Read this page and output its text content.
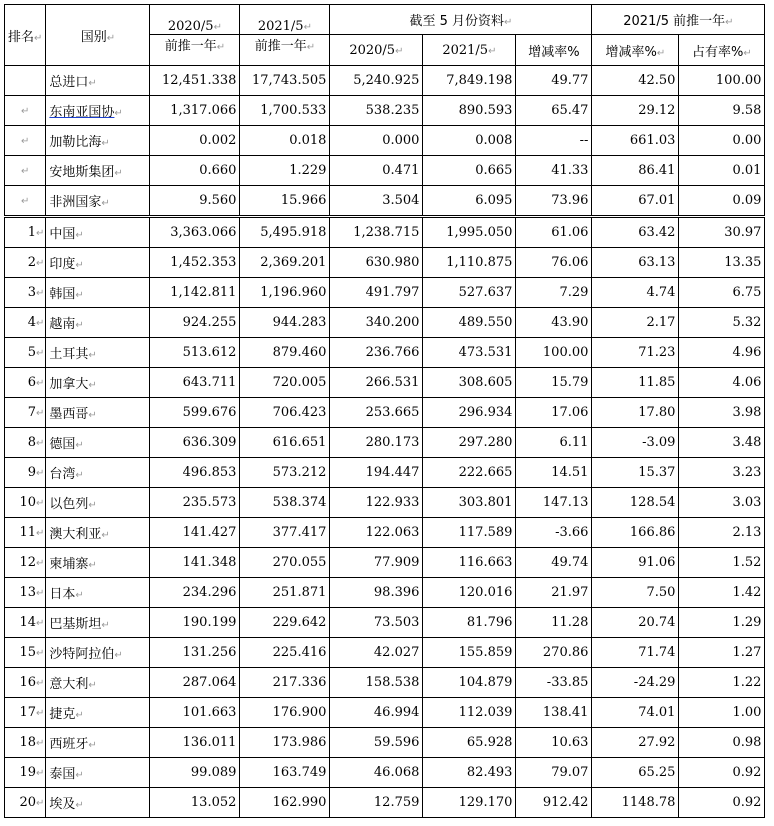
排名↵	国别↵	2020/5↵	2021/5↵	截至 5 月份资料↵			2021/5 前推一年↵	
		前推一年↵	前推一年↵	2020/5↵	2021/5↵	增减率%	增减率%↵	占有率%↵
	总进口↵	12,451.338	17,743.505	5,240.925	7,849.198	49.77	42.50	100.00
↵	东南亚国协↵	1,317.066	1,700.533	538.235	890.593	65.47	29.12	9.58
↵	加勒比海↵	0.002	0.018	0.000	0.008	--	661.03	0.00
↵	安地斯集团↵	0.660	1.229	0.471	0.665	41.33	86.41	0.01
↵	非洲国家↵	9.560	15.966	3.504	6.095	73.96	67.01	0.09
1↵	中国↵	3,363.066	5,495.918	1,238.715	1,995.050	61.06	63.42	30.97
2↵	印度↵	1,452.353	2,369.201	630.980	1,110.875	76.06	63.13	13.35
3↵	韩国↵	1,142.811	1,196.960	491.797	527.637	7.29	4.74	6.75
4↵	越南↵	924.255	944.283	340.200	489.550	43.90	2.17	5.32
5↵	土耳其↵	513.612	879.460	236.766	473.531	100.00	71.23	4.96
6↵	加拿大↵	643.711	720.005	266.531	308.605	15.79	11.85	4.06
7↵	墨西哥↵	599.676	706.423	253.665	296.934	17.06	17.80	3.98
8↵	德国↵	636.309	616.651	280.173	297.280	6.11	-3.09	3.48
9↵	台湾↵	496.853	573.212	194.447	222.665	14.51	15.37	3.23
10↵	以色列↵	235.573	538.374	122.933	303.801	147.13	128.54	3.03
11↵	澳大利亚↵	141.427	377.417	122.063	117.589	-3.66	166.86	2.13
12↵	柬埔寨↵	141.348	270.055	77.909	116.663	49.74	91.06	1.52
13↵	日本↵	234.296	251.871	98.396	120.016	21.97	7.50	1.42
14↵	巴基斯坦↵	190.199	229.642	73.503	81.796	11.28	20.74	1.29
15↵	沙特阿拉伯↵	131.256	225.416	42.027	155.859	270.86	71.74	1.27
16↵	意大利↵	287.064	217.336	158.538	104.879	-33.85	-24.29	1.22
17↵	捷克↵	101.663	176.900	46.994	112.039	138.41	74.01	1.00
18↵	西班牙↵	136.011	173.986	59.596	65.928	10.63	27.92	0.98
19↵	泰国↵	99.089	163.749	46.068	82.493	79.07	65.25	0.92
20↵	埃及↵	13.052	162.990	12.759	129.170	912.42	1148.78	0.92
